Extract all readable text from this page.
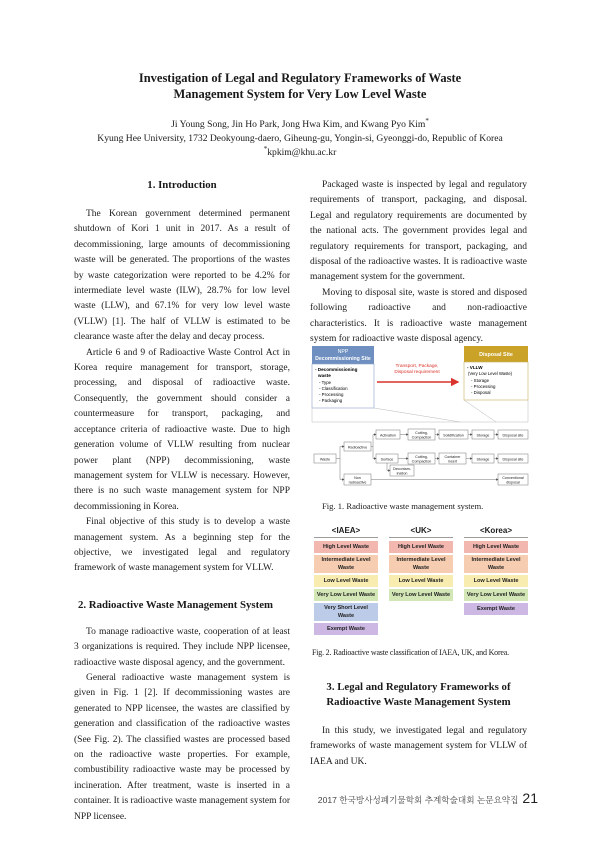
Investigation of Legal and Regulatory Frameworks of Waste
Management System for Very Low Level Waste
Ji Young Song, Jin Ho Park, Jong Hwa Kim, and Kwang Pyo Kim*
Kyung Hee University, 1732 Deokyoung-daero, Giheung-gu, Yongin-si, Gyeonggi-do, Republic of Korea
*kpkim@khu.ac.kr
1. Introduction

The Korean government determined permanent shutdown of Kori 1 unit in 2017. As a result of decommissioning, large amounts of decommissioning waste will be generated. The proportions of the wastes by waste categorization were reported to be 4.2% for intermediate level waste (ILW), 28.7% for low level waste (LLW), and 67.1% for very low level waste (VLLW) [1]. The half of VLLW is estimated to be clearance waste after the delay and decay process.

Article 6 and 9 of Radioactive Waste Control Act in Korea require management for transport, storage, processing, and disposal of radioactive waste. Consequently, the government should consider a countermeasure for transport, packaging, and acceptance criteria of radioactive waste. Due to high generation volume of VLLW resulting from nuclear power plant (NPP) decommissioning, waste management system for VLLW is necessary. However, there is no such waste management system for NPP decommissioning in Korea.

Final objective of this study is to develop a waste management system. As a beginning step for the objective, we investigated legal and regulatory framework of waste management system for VLLW.

2. Radioactive Waste Management System

To manage radioactive waste, cooperation of at least 3 organizations is required. They include NPP licensee, radioactive waste disposal agency, and the government.

General radioactive waste management system is given in Fig. 1 [2]. If decommissioning wastes are generated to NPP licensee, the wastes are classified by generation and classification of the radioactive wastes (See Fig. 2). The classified wastes are processed based on the radioactive waste properties. For example, combustibility radioactive waste may be processed by incineration. After treatment, waste is inserted in a container. It is radioactive waste management system for NPP licensee.

Packaged waste is inspected by legal and regulatory requirements of transport, packaging, and disposal. Legal and regulatory requirements are documented by the national acts. The government provides legal and regulatory requirements for transport, packaging, and disposal of the radioactive wastes. It is radioactive waste management system for the government.

Moving to disposal site, waste is stored and disposed following radioactive and non-radioactive characteristics. It is radioactive waste management system for radioactive waste disposal agency.

NPP
Decommissioning Site
- Decommissioning
waste
- Type
- Classification
- Processing
- Packaging
Transport, Package,
Disposal requirement
Disposal Site
- VLLW
(Very Low Level Waste)
- Storage
- Processing
- Disposal
Waste
Radioactive
Non
radioactive
Activation
Surface
Cutting,
Compaction
Cutting,
Compaction
Decontam-
ination
Solidification
Container
insert
Storage
Storage
Disposal site
Disposal site
Conventional
disposal
Fig. 1. Radioactive waste management system.
<IAEA>
High Level Waste
Intermediate Level Waste
Low Level Waste
Very Low Level Waste
Very Short Level Waste
Exempt Waste
<UK>
High Level Waste
Intermediate Level Waste
Low Level Waste
Very Low Level Waste
<Korea>
High Level Waste
Intermediate Level Waste
Low Level Waste
Very Low Level Waste
Exempt Waste
Fig. 2. Radioactive waste classification of IAEA, UK, and Korea.
3. Legal and Regulatory Frameworks of
Radioactive Waste Management System

In this study, we investigated legal and regulatory frameworks of waste management system for VLLW of IAEA and UK.

2017 한국방사성폐기물학회 추계학술대회 논문요약집 21
